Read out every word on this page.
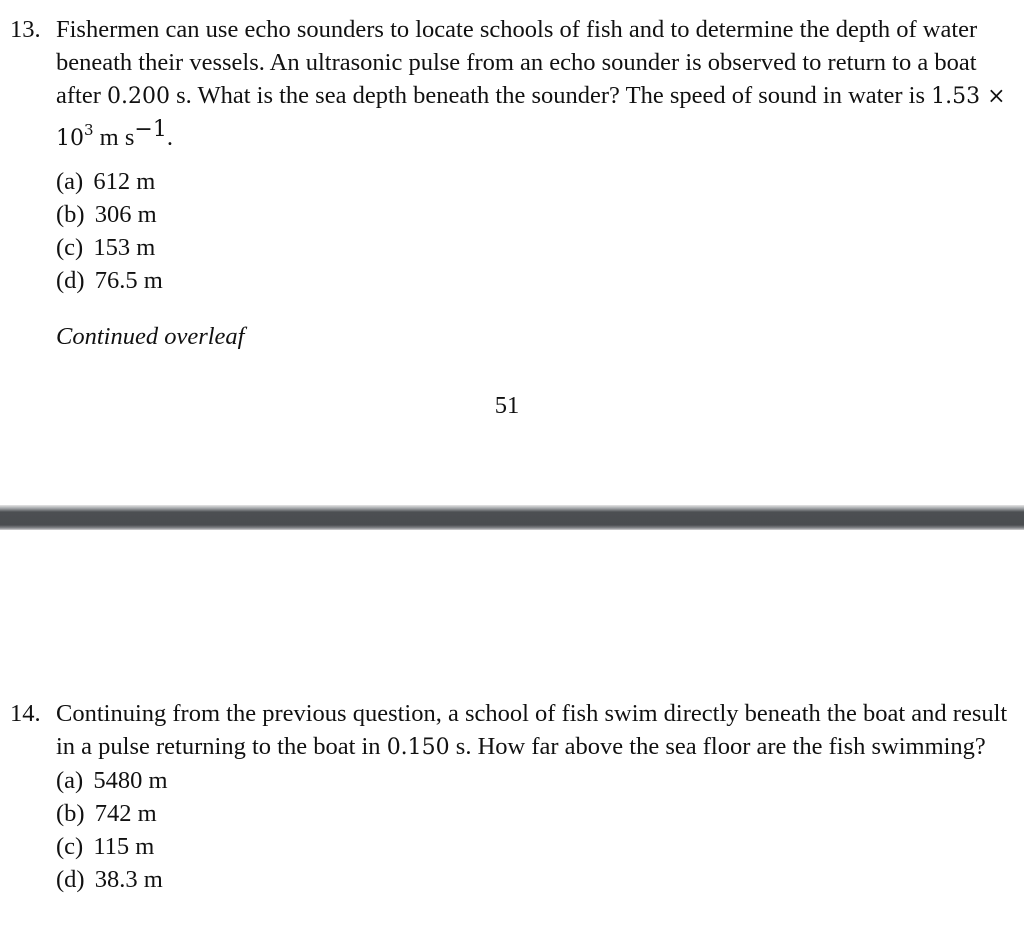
13. Fishermen can use echo sounders to locate schools of fish and to determine the depth of water beneath their vessels. An ultrasonic pulse from an echo sounder is observed to return to a boat after 0.200 s. What is the sea depth beneath the sounder? The speed of sound in water is $1.53 \times 10^3$ m $s^{-1}$.
(a) 612 m
(b) 306 m
(c) 153 m
(d) 76.5 m
Continued overleaf
51
14. Continuing from the previous question, a school of fish swim directly beneath the boat and result in a pulse returning to the boat in 0.150 s. How far above the sea floor are the fish swimming?
(a) 5480 m
(b) 742 m
(c) 115 m
(d) 38.3 m
